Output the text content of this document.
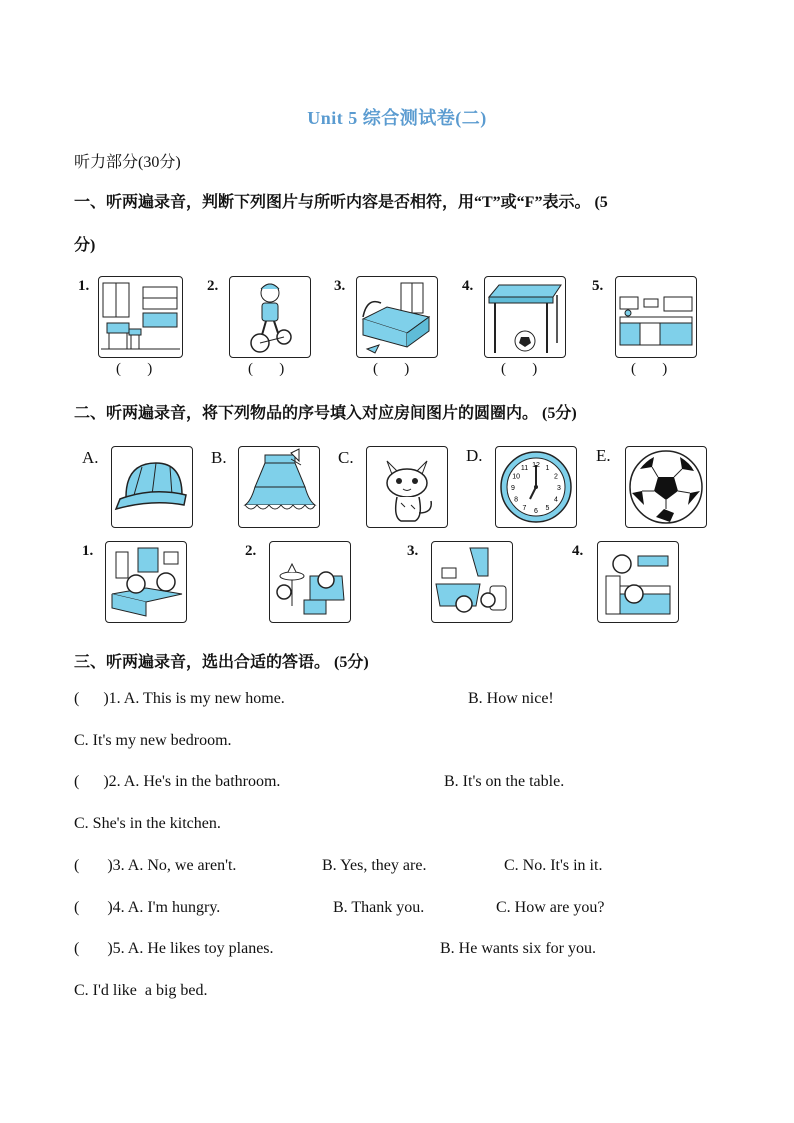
Unit 5 综合测试卷(二)
听力部分(30分)
一、听两遍录音，判断下列图片与所听内容是否相符，用“T”或“F”表示。 (5
分)
1.
(       )
2.
(       )
3.
(       )
4.
(       )
5.
(       )
二、听两遍录音，将下列物品的序号填入对应房间图片的圆圈内。 (5分)
A.	B.	C.	D.
12 1
2
3
4
5
6
7
8
9
10
11
E.
1.	2.	3.	4.
三、听两遍录音，选出合适的答语。 (5分)
(      )1. A. This is my new home.	B. How nice!
C. It's my new bedroom.
(      )2. A. He's in the bathroom.	B. It's on the table.
C. She's in the kitchen.
(       )3. A. No, we aren't.	B. Yes, they are.	C. No. It's in it.
(       )4. A. I'm hungry.	B. Thank you.	C. How are you?
(       )5. A. He likes toy planes.	B. He wants six for you.
C. I'd like  a big bed.
